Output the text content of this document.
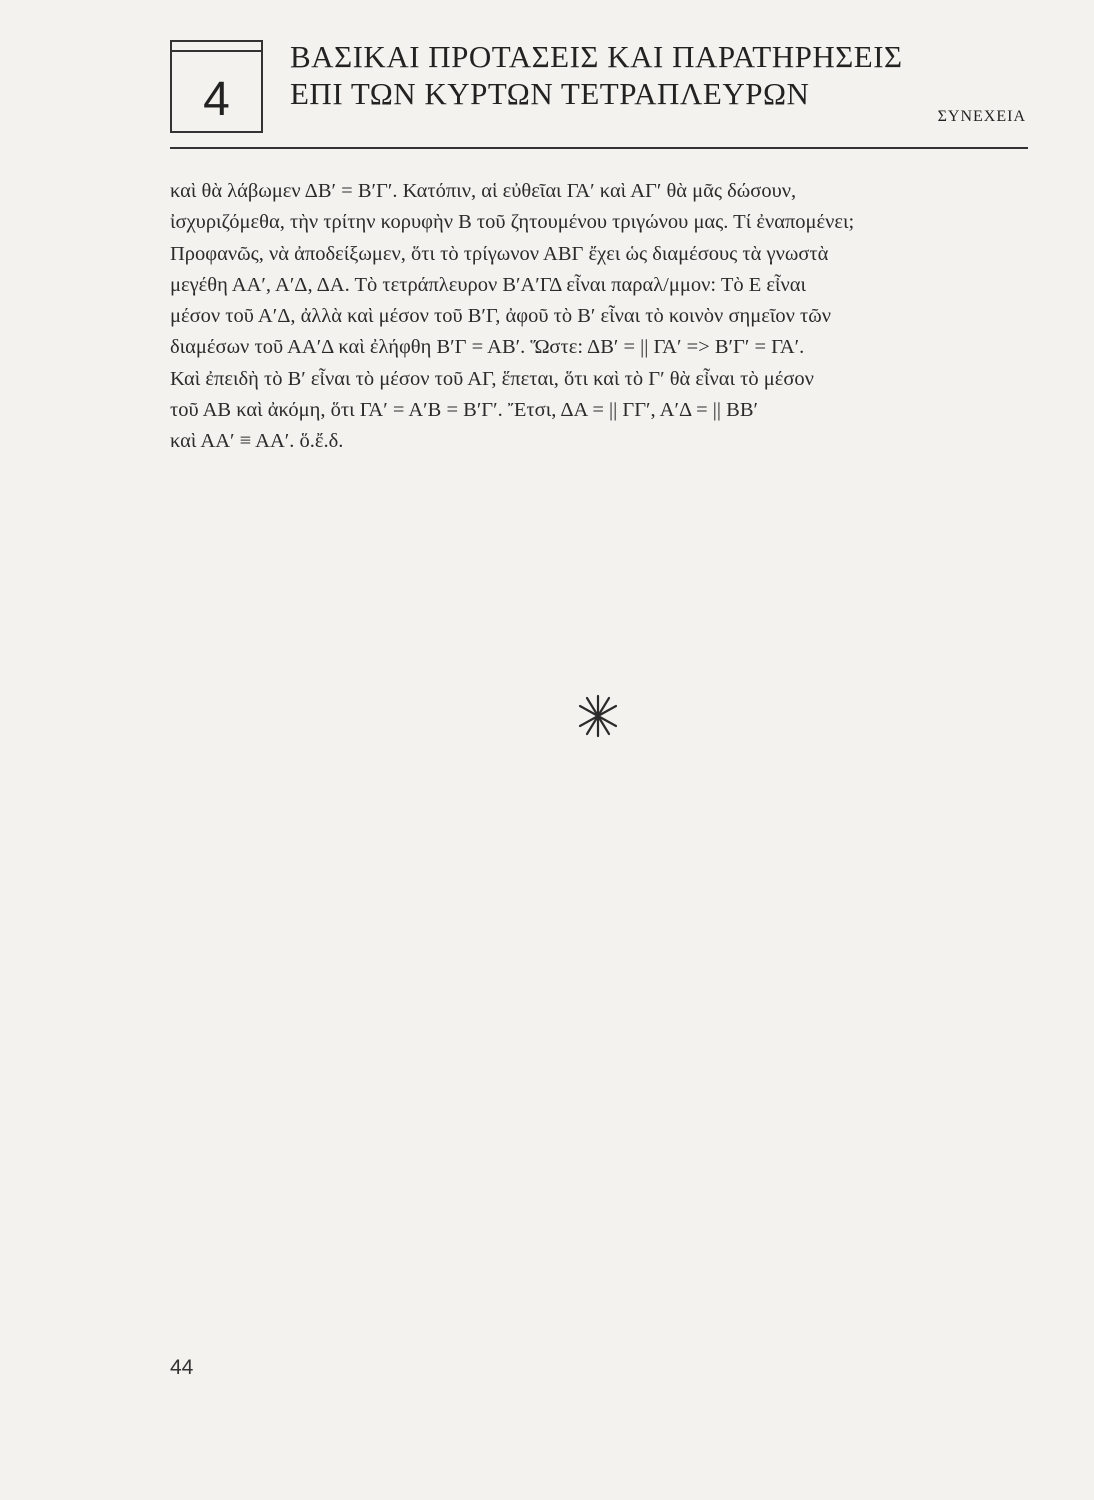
4
ΒΑΣΙΚΑΙ ΠΡΟΤΑΣΕΙΣ ΚΑΙ ΠΑΡΑΤΗΡΗΣΕΙΣ
ΕΠΙ ΤΩΝ ΚΥΡΤΩΝ ΤΕΤΡΑΠΛΕΥΡΩΝ
ΣΥΝΕΧΕΙΑ
καὶ θὰ λάβωμεν ΔΒ′ = Β′Γ′. Κατόπιν, αἱ εὐθεῖαι ΓΑ′ καὶ ΑΓ′ θὰ μᾶς δώσουν,
ἰσχυριζόμεθα, τὴν τρίτην κορυφὴν Β τοῦ ζητουμένου τριγώνου μας. Τί ἐναπομένει;
Προφανῶς, νὰ ἀποδείξωμεν, ὅτι τὸ τρίγωνον ΑΒΓ ἔχει ὡς διαμέσους τὰ γνωστὰ
μεγέθη ΑΑ′, Α′Δ, ΔΑ. Τὸ τετράπλευρον Β′Α′ΓΔ εἶναι παραλ/μμον: Τὸ Ε εἶναι
μέσον τοῦ Α′Δ, ἀλλὰ καὶ μέσον τοῦ Β′Γ, ἀφοῦ τὸ Β′ εἶναι τὸ κοινὸν σημεῖον τῶν
διαμέσων τοῦ ΑΑ′Δ καὶ ἐλήφθη Β′Γ = ΑΒ′. Ὥστε: ΔΒ′ = || ΓΑ′ => Β′Γ′ = ΓΑ′.
Καὶ ἐπειδὴ τὸ Β′ εἶναι τὸ μέσον τοῦ ΑΓ, ἕπεται, ὅτι καὶ τὸ Γ′ θὰ εἶναι τὸ μέσον
τοῦ ΑΒ καὶ ἀκόμη, ὅτι ΓΑ′ = Α′Β = Β′Γ′. Ἔτσι, ΔΑ = || ΓΓ′, Α′Δ = || ΒΒ′
καὶ ΑΑ′ ≡ ΑΑ′. ὅ.ἔ.δ.
44
